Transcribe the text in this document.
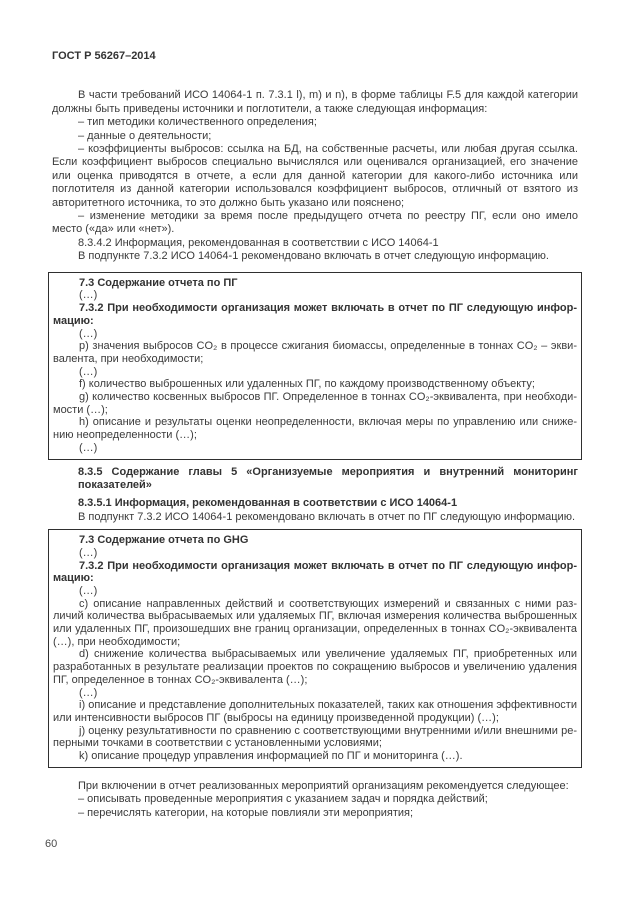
ГОСТ Р 56267–2014

В части требований ИСО 14064-1 п. 7.3.1 l), m) и n), в форме таблицы F.5 для каждой категории должны быть приведены источники и поглотители, а также следующая информация:

– тип методики количественного определения;

– данные о деятельности;

– коэффициенты выбросов: ссылка на БД, на собственные расчеты, или любая другая ссылка. Если коэффициент выбросов специально вычислялся или оценивался организацией, его значение или оценка приводятся в отчете, а если для данной категории для какого-либо источника или поглотителя из данной категории использовался коэффициент выбросов, отличный от взятого из авторитетного источника, то это должно быть указано или пояснено;

– изменение методики за время после предыдущего отчета по реестру ПГ, если оно имело место («да» или «нет»).

8.3.4.2 Информация, рекомендованная в соответствии с ИСО 14064-1

В подпункте 7.3.2 ИСО 14064-1 рекомендовано включать в отчет следующую информацию.

7.3 Содержание отчета по ПГ

(…)

7.3.2 При необходимости организация может включать в отчет по ПГ следующую информацию:

(…)

p) значения выбросов CO₂ в процессе сжигания биомассы, определенные в тоннах CO₂ – эквивалента, при необходимости;

(…)

f) количество выброшенных или удаленных ПГ, по каждому производственному объекту;

g) количество косвенных выбросов ПГ. Определенное в тоннах CO₂-эквивалента, при необходимости (…);

h) описание и результаты оценки неопределенности, включая меры по управлению или снижению неопределенности (…);

(…)

8.3.5 Содержание главы 5 «Организуемые мероприятия и внутренний мониторинг показателей»

8.3.5.1 Информация, рекомендованная в соответствии с ИСО 14064-1

В подпункт 7.3.2 ИСО 14064-1 рекомендовано включать в отчет по ПГ следующую информацию.

7.3 Содержание отчета по GHG

(…)

7.3.2 При необходимости организация может включать в отчет по ПГ следующую информацию:

(…)

c) описание направленных действий и соответствующих измерений и связанных с ними различий количества выбрасываемых или удаляемых ПГ, включая измерения количества выброшенных или удаленных ПГ, произошедших вне границ организации, определенных в тоннах CO₂-эквивалента (…), при необходимости;

d) снижение количества выбрасываемых или увеличение удаляемых ПГ, приобретенных или разработанных в результате реализации проектов по сокращению выбросов и увеличению удаления ПГ, определенное в тоннах CO₂-эквивалента (…);

(…)

i) описание и представление дополнительных показателей, таких как отношения эффективности или интенсивности выбросов ПГ (выбросы на единицу произведенной продукции) (…);

j) оценку результативности по сравнению с соответствующими внутренними и/или внешними реперными точками в соответствии с установленными условиями;

k) описание процедур управления информацией по ПГ и мониторинга (…).

При включении в отчет реализованных мероприятий организациям рекомендуется следующее:

– описывать проведенные мероприятия с указанием задач и порядка действий;

– перечислять категории, на которые повлияли эти мероприятия;

60
